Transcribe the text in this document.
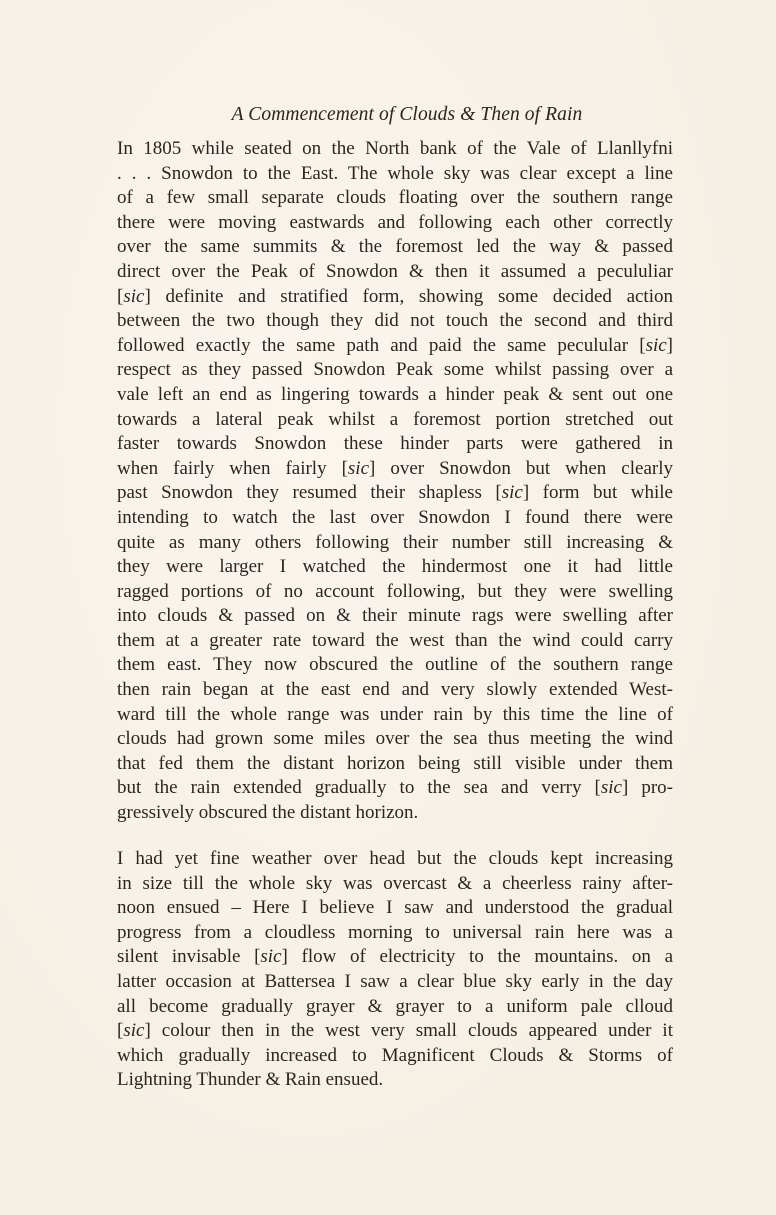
A Commencement of Clouds & Then of Rain
In 1805 while seated on the North bank of the Vale of Llanllyfni
. . . Snowdon to the East. The whole sky was clear except a line
of a few small separate clouds floating over the southern range
there were moving eastwards and following each other correctly
over the same summits & the foremost led the way & passed
direct over the Peak of Snowdon & then it assumed a pecululiar
[sic] definite and stratified form, showing some decided action
between the two though they did not touch the second and third
followed exactly the same path and paid the same peculular [sic]
respect as they passed Snowdon Peak some whilst passing over a
vale left an end as lingering towards a hinder peak & sent out one
towards a lateral peak whilst a foremost portion stretched out
faster towards Snowdon these hinder parts were gathered in
when fairly when fairly [sic] over Snowdon but when clearly
past Snowdon they resumed their shapless [sic] form but while
intending to watch the last over Snowdon I found there were
quite as many others following their number still increasing &
they were larger I watched the hindermost one it had little
ragged portions of no account following, but they were swelling
into clouds & passed on & their minute rags were swelling after
them at a greater rate toward the west than the wind could carry
them east. They now obscured the outline of the southern range
then rain began at the east end and very slowly extended West-
ward till the whole range was under rain by this time the line of
clouds had grown some miles over the sea thus meeting the wind
that fed them the distant horizon being still visible under them
but the rain extended gradually to the sea and verry [sic] pro-
gressively obscured the distant horizon.
I had yet fine weather over head but the clouds kept increasing
in size till the whole sky was overcast & a cheerless rainy after-
noon ensued – Here I believe I saw and understood the gradual
progress from a cloudless morning to universal rain here was a
silent invisable [sic] flow of electricity to the mountains. on a
latter occasion at Battersea I saw a clear blue sky early in the day
all become gradually grayer & grayer to a uniform pale clloud
[sic] colour then in the west very small clouds appeared under it
which gradually increased to Magnificent Clouds & Storms of
Lightning Thunder & Rain ensued.
